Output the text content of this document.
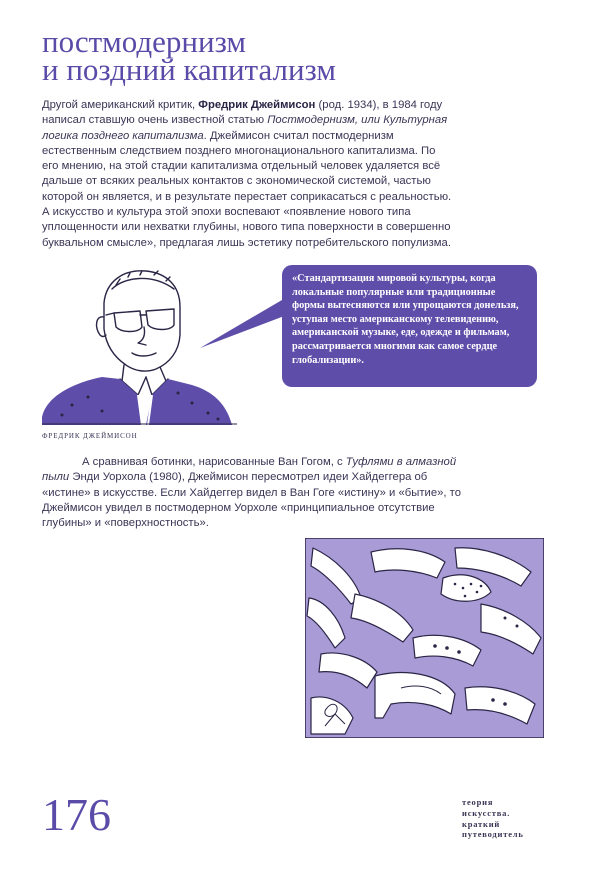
постмодернизм
и поздний капитализм

Другой американский критик, Фредрик Джеймисон (род. 1934), в 1984 году написал ставшую очень известной статью Постмодернизм, или Культурная логика позднего капитализма. Джеймисон считал постмодернизм естественным следствием позднего многонационального капитализма. По его мнению, на этой стадии капитализма отдельный человек удаляется всё дальше от всяких реальных контактов с экономической системой, частью которой он является, и в результате перестает соприкасаться с реальностью. А искусство и культура этой эпохи воспевают «появление нового типа уплощенности или нехватки глубины, нового типа поверхности в совершенно буквальном смысле», предлагая лишь эстетику потребительского популизма.

«Стандартизация мировой культуры, когда локальные популярные или традиционные формы вытесняются или упрощаются донельзя, уступая место американскому телевидению, американской музыке, еде, одежде и фильмам, рассматривается многими как самое сердце глобализации».

ФРЕДРИК ДЖЕЙМИСОН

А сравнивая ботинки, нарисованные Ван Гогом, с Туфлями в алмазной пыли Энди Уорхола (1980), Джеймисон пересмотрел идеи Хайдеггера об «истине» в искусстве. Если Хайдеггер видел в Ван Гоге «истину» и «бытие», то Джеймисон увидел в постмодерном Уорхоле «принципиальное отсутствие глубины» и «поверхностность».

176	теория
искусства.
краткий
путеводитель
